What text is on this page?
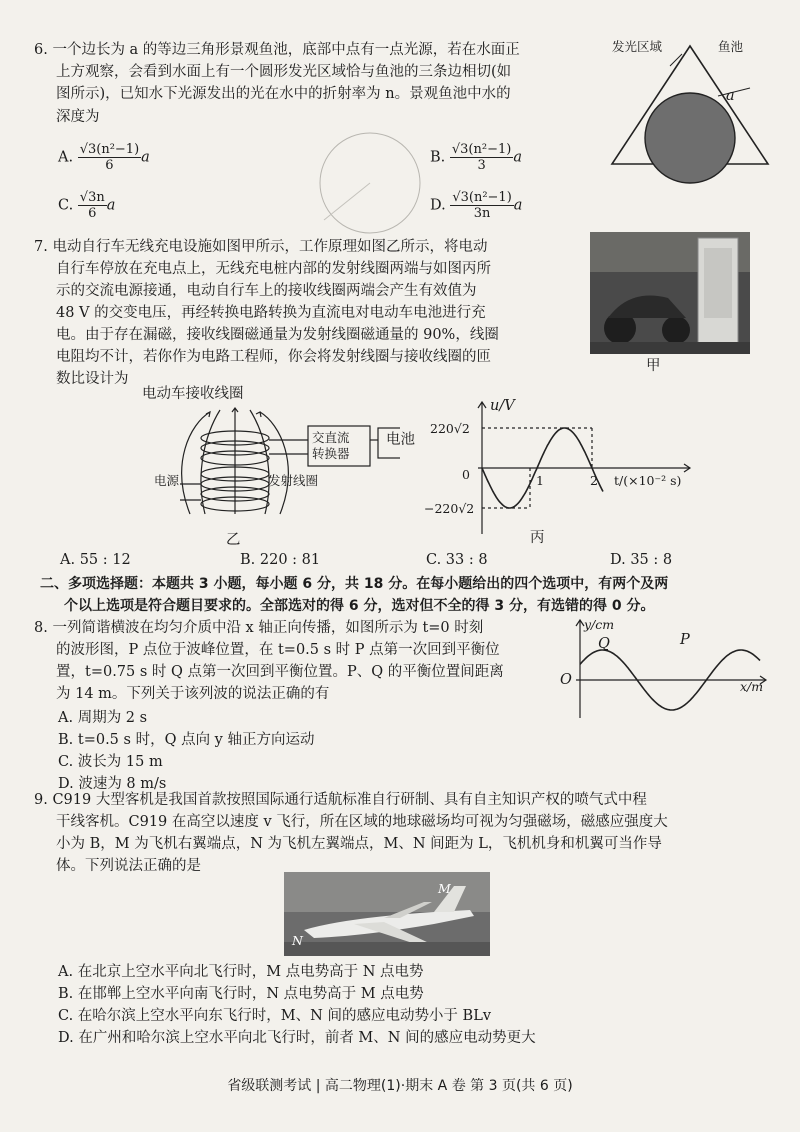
6. 一个边长为 a 的等边三角形景观鱼池，底部中点有一点光源，若在水面正
上方观察，会看到水面上有一个圆形发光区域恰与鱼池的三条边相切(如
图所示)，已知水下光源发出的光在水中的折射率为 n。景观鱼池中水的
深度为
发光区域	鱼池
a
A. $\frac{\text{√3(n²−1)}}{6}$ a	B. $\frac{\text{√3(n²−1)}}{3}$ a
C. $\frac{√3n}{6}$ a	D. $\frac{\text{√3(n²−1)}}{3n}$ a
7. 电动自行车无线充电设施如图甲所示，工作原理如图乙所示，将电动
自行车停放在充电点上，无线充电桩内部的发射线圈两端与如图丙所
示的交流电源接通，电动自行车上的接收线圈两端会产生有效值为
48 V 的交变电压，再经转换电路转换为直流电对电动车电池进行充
电。由于存在漏磁，接收线圈磁通量为发射线圈磁通量的 90%，线圈
电阻均不计，若你作为电路工程师，你会将发射线圈与接收线圈的匝
数比设计为
甲
电动车接收线圈
交直流
转换器
电池
电源	发射线圈
乙
u/V
220√2
−220√2
0	1	2 t/(×10⁻² s)
丙
A. 55 : 12	B. 220 : 81	C. 33 : 8	D. 35 : 8
二、多项选择题：本题共 3 小题，每小题 6 分，共 18 分。在每小题给出的四个选项中，有两个及两
个以上选项是符合题目要求的。全部选对的得 6 分，选对但不全的得 3 分，有选错的得 0 分。
8. 一列简谐横波在均匀介质中沿 x 轴正向传播，如图所示为 t=0 时刻
的波形图，P 点位于波峰位置，在 t=0.5 s 时 P 点第一次回到平衡位
置，t=0.75 s 时 Q 点第一次回到平衡位置。P、Q 的平衡位置间距离
为 14 m。下列关于该列波的说法正确的有
A. 周期为 2 s
B. t=0.5 s 时，Q 点向 y 轴正方向运动
C. 波长为 15 m
D. 波速为 8 m/s
y/cm
x/m
O
Q	P
9. C919 大型客机是我国首款按照国际通行适航标准自行研制、具有自主知识产权的喷气式中程
干线客机。C919 在高空以速度 v 飞行，所在区域的地球磁场均可视为匀强磁场，磁感应强度大
小为 B，M 为飞机右翼端点，N 为飞机左翼端点，M、N 间距为 L，飞机机身和机翼可当作导
体。下列说法正确的是
M
N
A. 在北京上空水平向北飞行时，M 点电势高于 N 点电势
B. 在邯郸上空水平向南飞行时，N 点电势高于 M 点电势
C. 在哈尔滨上空水平向东飞行时，M、N 间的感应电动势小于 BLv
D. 在广州和哈尔滨上空水平向北飞行时，前者 M、N 间的感应电动势更大
省级联测考试 | 高二物理(1)·期末 A 卷 第 3 页(共 6 页)
